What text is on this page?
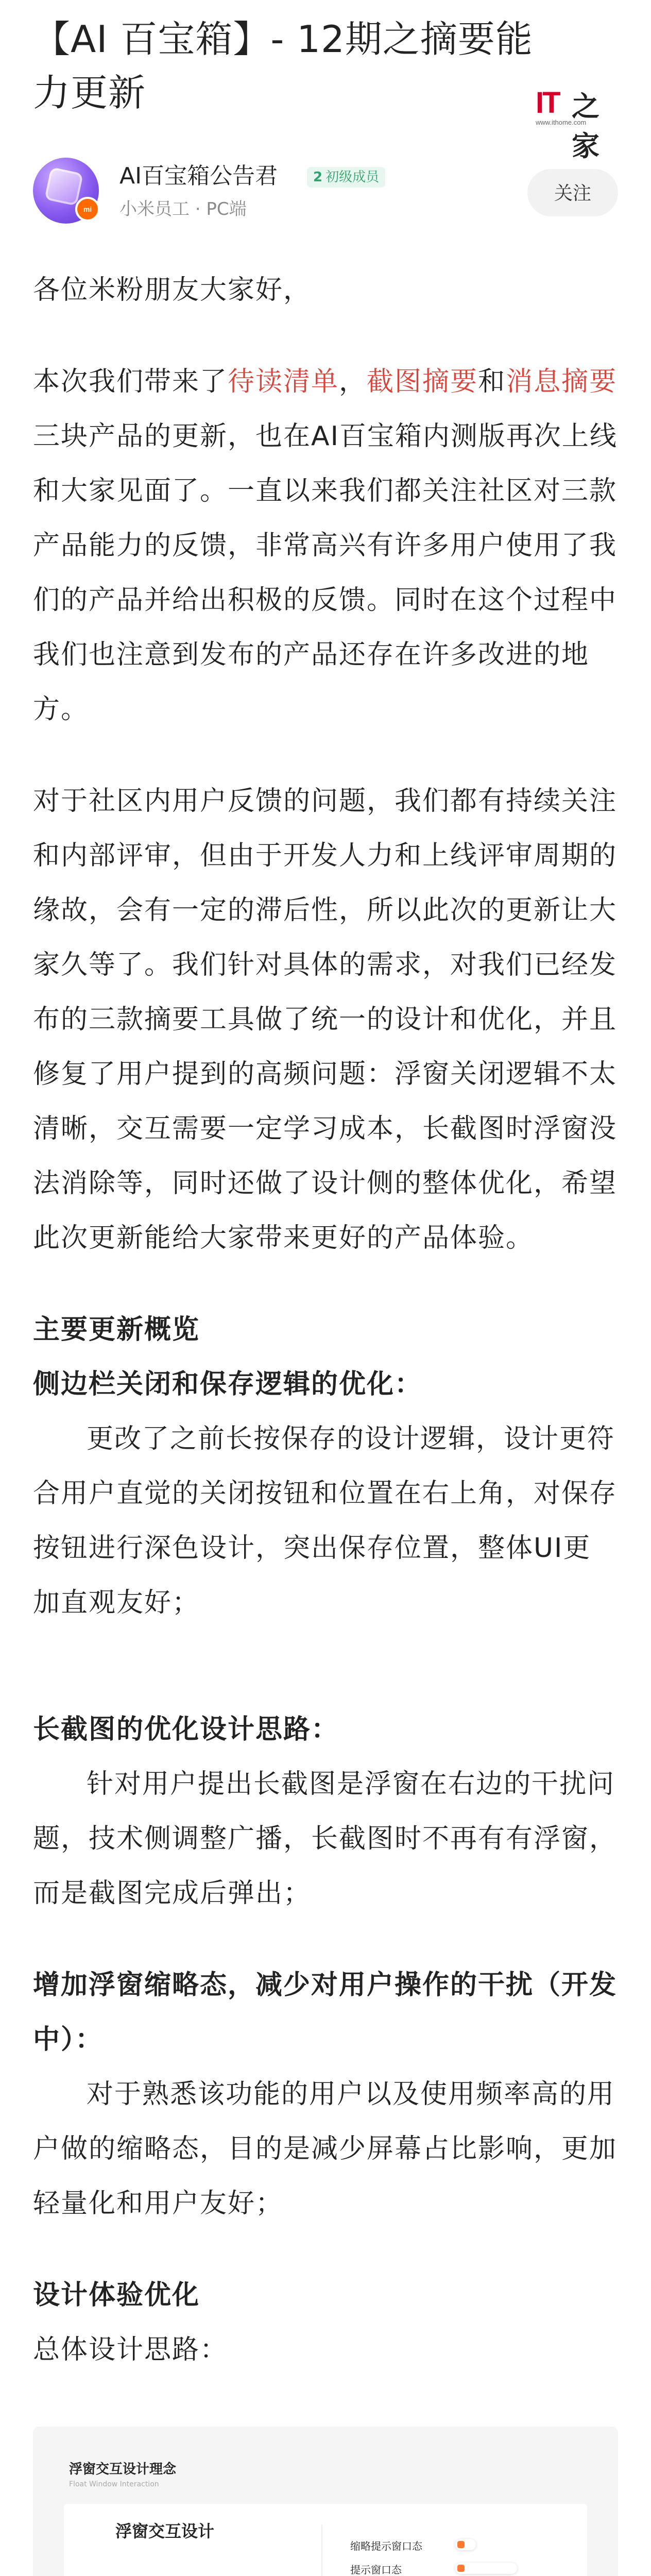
【AI 百宝箱】- 12期之摘要能力更新	IT 之家
www.ithome.com
mi
AI百宝箱公告君	2 初级成员
小米员工 · PC端
关注

各位米粉朋友大家好，

本次我们带来了待读清单，截图摘要和消息摘要三块产品的更新，也在AI百宝箱内测版再次上线和大家见面了。一直以来我们都关注社区对三款产品能力的反馈，非常高兴有许多用户使用了我们的产品并给出积极的反馈。同时在这个过程中我们也注意到发布的产品还存在许多改进的地方。

对于社区内用户反馈的问题，我们都有持续关注和内部评审，但由于开发人力和上线评审周期的缘故，会有一定的滞后性，所以此次的更新让大家久等了。我们针对具体的需求，对我们已经发布的三款摘要工具做了统一的设计和优化，并且修复了用户提到的高频问题：浮窗关闭逻辑不太清晰，交互需要一定学习成本，长截图时浮窗没法消除等，同时还做了设计侧的整体优化，希望此次更新能给大家带来更好的产品体验。

主要更新概览

侧边栏关闭和保存逻辑的优化：

更改了之前长按保存的设计逻辑，设计更符合用户直觉的关闭按钮和位置在右上角，对保存按钮进行深色设计，突出保存位置，整体UI更加直观友好；

长截图的优化设计思路：

针对用户提出长截图是浮窗在右边的干扰问题，技术侧调整广播，长截图时不再有有浮窗，而是截图完成后弹出；

增加浮窗缩略态，减少对用户操作的干扰（开发中）：

对于熟悉该功能的用户以及使用频率高的用户做的缩略态，目的是减少屏幕占比影响，更加轻量化和用户友好；

设计体验优化

总体设计思路：

浮窗交互设计理念
Float Window Interaction
浮窗交互设计
缩略提示窗口态
提示窗口态
